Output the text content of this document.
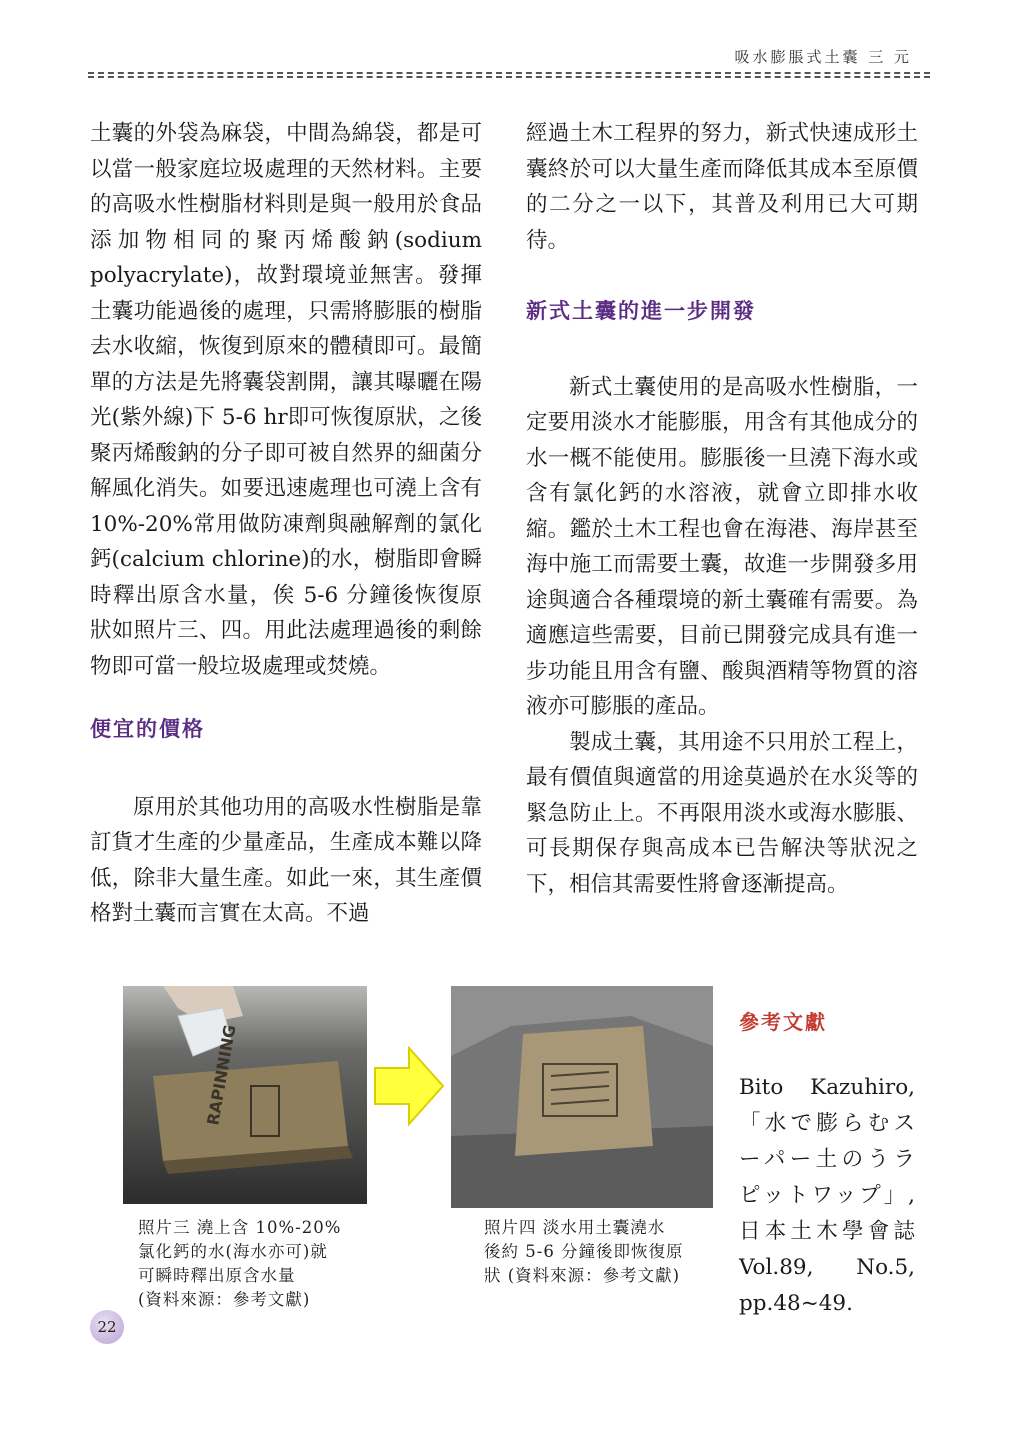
吸水膨脹式土囊 三 元

土囊的外袋為麻袋，中間為綿袋，都是可以當一般家庭垃圾處理的天然材料。主要的高吸水性樹脂材料則是與一般用於食品添加物相同的聚丙烯酸鈉(sodium polyacrylate)，故對環境並無害。發揮土囊功能過後的處理，只需將膨脹的樹脂去水收縮，恢復到原來的體積即可。最簡單的方法是先將囊袋割開，讓其曝曬在陽光(紫外線)下 5-6 hr即可恢復原狀，之後聚丙烯酸鈉的分子即可被自然界的細菌分解風化消失。如要迅速處理也可澆上含有 10%-20%常用做防凍劑與融解劑的氯化鈣(calcium chlorine)的水，樹脂即會瞬時釋出原含水量，俟 5-6 分鐘後恢復原狀如照片三、四。用此法處理過後的剩餘物即可當一般垃圾處理或焚燒。

便宜的價格

原用於其他功用的高吸水性樹脂是靠訂貨才生產的少量產品，生產成本難以降低，除非大量生產。如此一來，其生產價格對土囊而言實在太高。不過

經過土木工程界的努力，新式快速成形土囊終於可以大量生產而降低其成本至原價的二分之一以下，其普及利用已大可期待。

新式土囊的進一步開發

新式土囊使用的是高吸水性樹脂，一定要用淡水才能膨脹，用含有其他成分的水一概不能使用。膨脹後一旦澆下海水或含有氯化鈣的水溶液，就會立即排水收縮。鑑於土木工程也會在海港、海岸甚至海中施工而需要土囊，故進一步開發多用途與適合各種環境的新土囊確有需要。為適應這些需要，目前已開發完成具有進一步功能且用含有鹽、酸與酒精等物質的溶液亦可膨脹的產品。

製成土囊，其用途不只用於工程上，最有價值與適當的用途莫過於在水災等的緊急防止上。不再限用淡水或海水膨脹、可長期保存與高成本已告解決等狀況之下，相信其需要性將會逐漸提高。

RAPINNING
照片三 澆上含 10%-20%
氯化鈣的水(海水亦可)就
可瞬時釋出原含水量
(資料來源：參考文獻)
照片四 淡水用土囊澆水
後約 5-6 分鐘後即恢復原
狀 (資料來源：參考文獻)
參考文獻
Bito Kazuhiro,
「水で膨らむス
ーパー土のうラ
ピットワップ」,
日本土木學會誌
Vol.89, No.5,
pp.48~49.
22
